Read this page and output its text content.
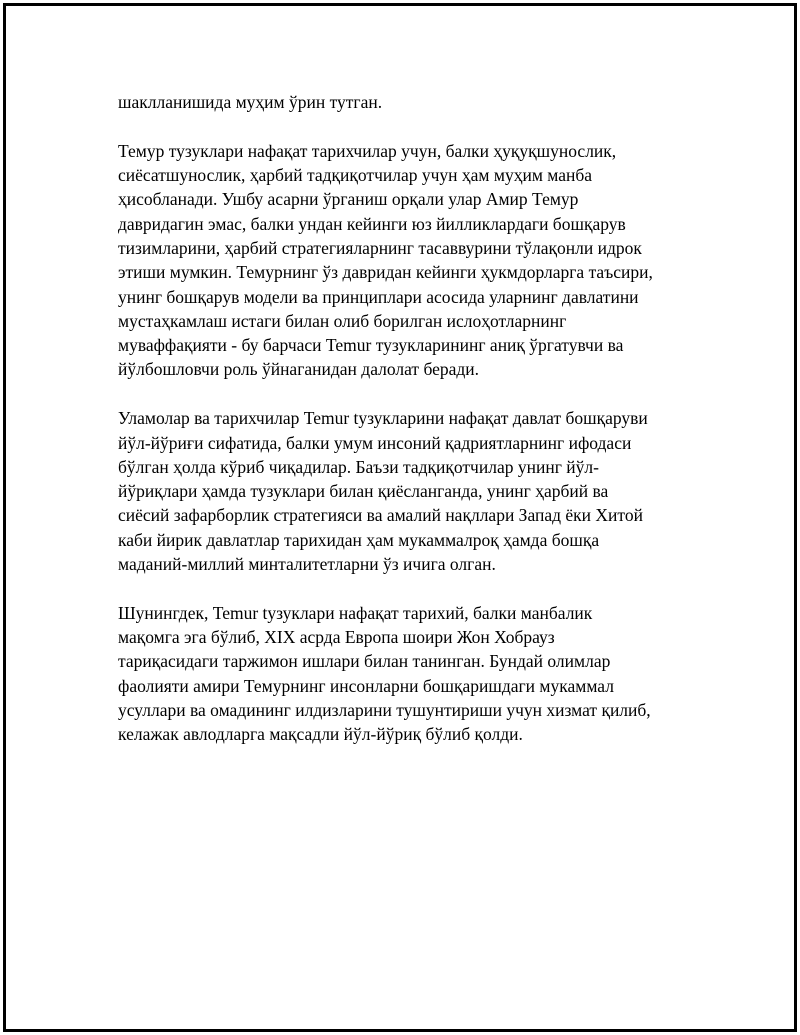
шаклланишида муҳим ўрин тутган.

Темур тузуклари нафақат тарихчилар учун, балки ҳуқуқшунослик,
сиёсатшунослик, ҳарбий тадқиқотчилар учун ҳам муҳим манба
ҳисобланади. Ушбу асарни ўрганиш орқали улар Амир Темур
давридагин эмас, балки ундан кейинги юз йилликлардаги бошқарув
тизимларини, ҳарбий стратегияларнинг тасаввурини тўлақонли идрок
этиши мумкин. Темурнинг ўз давридан кейинги ҳукмдорларга таъсири,
унинг бошқарув модели ва принциплари асосида уларнинг давлатини
мустаҳкамлаш истаги билан олиб борилган ислоҳотларнинг
муваффақияти - бу барчаси Temur тузукларининг аниқ ўргатувчи ва
йўлбошловчи роль ўйнаганидан далолат беради.

Уламолар ва тарихчилар Temur tузукларини нафақат давлат бошқаруви
йўл-йўриғи сифатида, балки умум инсоний қадриятларнинг ифодаси
бўлган ҳолда кўриб чиқадилар. Баъзи тадқиқотчилар унинг йўл-
йўриқлари ҳамда тузуклари билан қиёсланганда, унинг ҳарбий ва
сиёсий зафарборлик стратегияси ва амалий нақллари Запад ёки Хитой
каби йирик давлатлар тарихидан ҳам мукаммалроқ ҳамда бошқа
маданий-миллий минталитетларни ўз ичига олган.

Шунингдек, Temur tузуклари нафақат тарихий, балки манбалик
мақомга эга бўлиб, XIX асрда Европа шоири Жон Хобрауз
тариқасидаги таржимон ишлари билан танинган. Бундай олимлар
фаолияти амири Темурнинг инсонларни бошқаришдаги мукаммал
усуллари ва омадининг илдизларини тушунтириши учун хизмат қилиб,
келажак авлодларга мақсадли йўл-йўриқ бўлиб қолди.
